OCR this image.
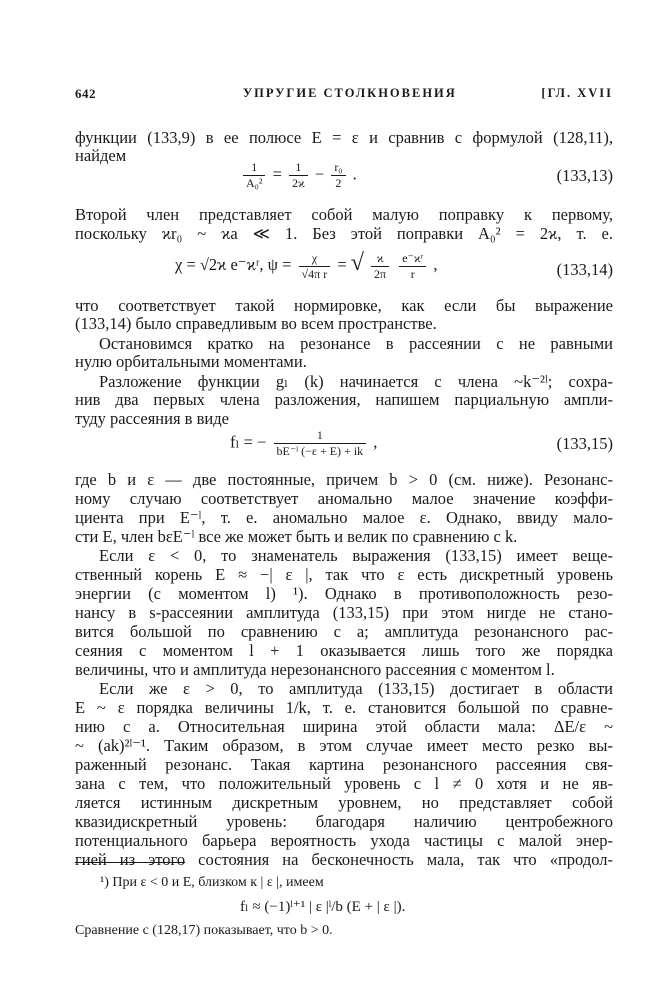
642	УПРУГИЕ СТОЛКНОВЕНИЯ	[ГЛ. XVII
функции (133,9) в ее полюсе E = ε и сравнив с формулой (128,11),
найдем
$\frac{1}{\text{A₀²}} = \frac{1}{2ϰ} - \frac{\text{r₀}}{2}$ .	(133,13)
Второй член представляет собой малую поправку к первому,
поскольку ϰr₀ ~ ϰa ≪ 1. Без этой поправки A₀² = 2ϰ, т. е.
χ = √2ϰ e⁻ϰʳ, $\psi = \frac{\chi}{\text{√4π r}}$ = √ $\frac{ϰ}{2\pi}$
$\frac{\text{e⁻ϰʳ}}{r}$ ,	(133,14)
что соответствует такой нормировке, как если бы выражение
(133,14) было справедливым во всем пространстве.
Остановимся кратко на резонансе в рассеянии с не равными
нулю орбитальными моментами.
Разложение функции gₗ (k) начинается с члена ~k⁻²ˡ; сохра-
нив два первых члена разложения, напишем парциальную ампли-
туду рассеяния в виде
fₗ = − $\frac{1}{\text{bE⁻ˡ (−ε + E) + ik}}$ ,	(133,15)
где b и ε — две постоянные, причем b > 0 (см. ниже). Резонанс-
ному случаю соответствует аномально малое значение коэффи-
циента при E⁻ˡ, т. е. аномально малое ε. Однако, ввиду мало-
сти E, член bεE⁻ˡ все же может быть и велик по сравнению с k.
Если ε < 0, то знаменатель выражения (133,15) имеет веще-
ственный корень E ≈ −| ε |, так что ε есть дискретный уровень
энергии (с моментом l) ¹). Однако в противоположность резо-
нансу в s-рассеянии амплитуда (133,15) при этом нигде не стано-
вится большой по сравнению с a; амплитуда резонансного рас-
сеяния с моментом l + 1 оказывается лишь того же порядка
величины, что и амплитуда нерезонансного рассеяния с моментом l.
Если же ε > 0, то амплитуда (133,15) достигает в области
E ~ ε порядка величины 1/k, т. е. становится большой по сравне-
нию с a. Относительная ширина этой области мала: ΔE/ε ~
~ (ak)²ˡ⁻¹. Таким образом, в этом случае имеет место резко вы-
раженный резонанс. Такая картина резонансного рассеяния свя-
зана с тем, что положительный уровень с l ≠ 0 хотя и не яв-
ляется истинным дискретным уровнем, но представляет собой
квазидискретный уровень: благодаря наличию центробежного
потенциального барьера вероятность ухода частицы с малой энер-
¹) При ε < 0 и E, близком к | ε |, имеем
fₗ ≈ (−1)ˡ⁺¹ | ε |ˡ/b (E + | ε |).
Сравнение с (128,17) показывает, что b > 0.
гией из этого состояния на бесконечность мала, так что «продол-
